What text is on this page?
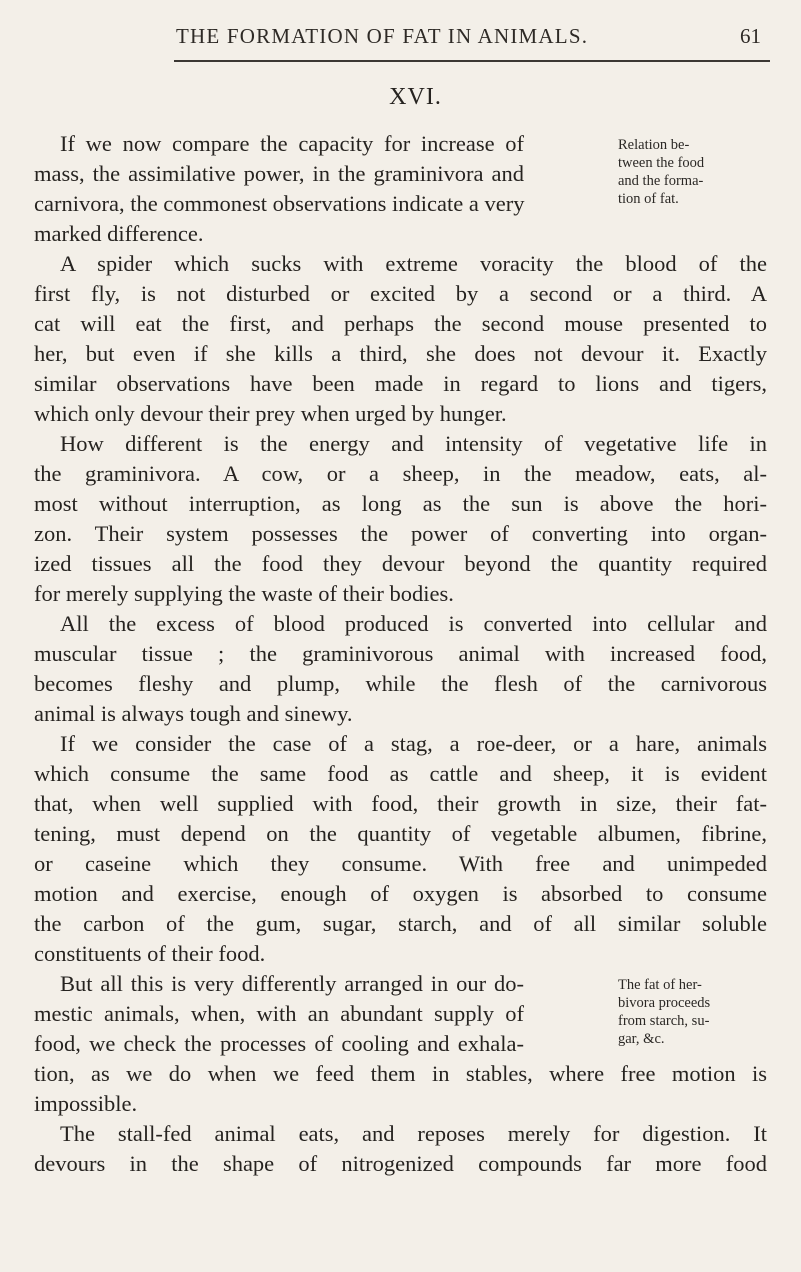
THE FORMATION OF FAT IN ANIMALS.	61
XVI.
If we now compare the capacity for increase of
mass, the assimilative power, in the graminivora and
carnivora, the commonest observations indicate a very
marked difference.
A spider which sucks with extreme voracity the blood of the
first fly, is not disturbed or excited by a second or a third. A
cat will eat the first, and perhaps the second mouse presented to
her, but even if she kills a third, she does not devour it. Exactly
similar observations have been made in regard to lions and tigers,
which only devour their prey when urged by hunger.
How different is the energy and intensity of vegetative life in
the graminivora. A cow, or a sheep, in the meadow, eats, al-
most without interruption, as long as the sun is above the hori-
zon. Their system possesses the power of converting into organ-
ized tissues all the food they devour beyond the quantity required
for merely supplying the waste of their bodies.
All the excess of blood produced is converted into cellular and
muscular tissue ; the graminivorous animal with increased food,
becomes fleshy and plump, while the flesh of the carnivorous
animal is always tough and sinewy.
If we consider the case of a stag, a roe-deer, or a hare, animals
which consume the same food as cattle and sheep, it is evident
that, when well supplied with food, their growth in size, their fat-
tening, must depend on the quantity of vegetable albumen, fibrine,
or caseine which they consume. With free and unimpeded
motion and exercise, enough of oxygen is absorbed to consume
the carbon of the gum, sugar, starch, and of all similar soluble
constituents of their food.
But all this is very differently arranged in our do-
mestic animals, when, with an abundant supply of
food, we check the processes of cooling and exhala-
tion, as we do when we feed them in stables, where free motion is
impossible.
The stall-fed animal eats, and reposes merely for digestion. It
devours in the shape of nitrogenized compounds far more food
Relation be-
tween the food
and the forma-
tion of fat.
The fat of her-
bivora proceeds
from starch, su-
gar, &c.
